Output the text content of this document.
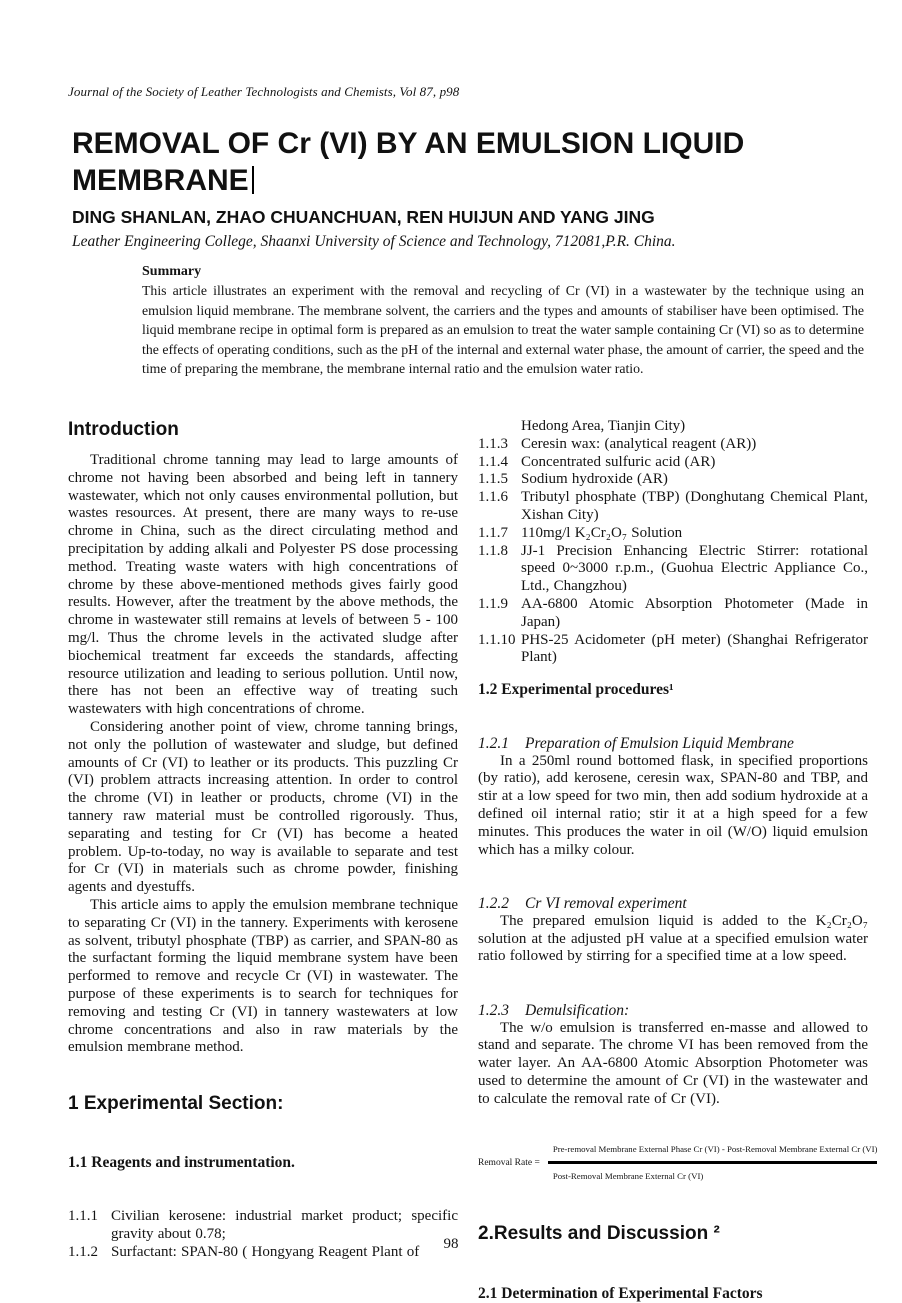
Journal of the Society of Leather Technologists and Chemists, Vol 87, p98
REMOVAL OF Cr (VI) BY AN EMULSION LIQUID MEMBRANE
DING SHANLAN, ZHAO CHUANCHUAN, REN HUIJUN AND YANG JING
Leather Engineering College, Shaanxi University of Science and Technology, 712081,P.R. China.
Summary
This article illustrates an experiment with the removal and recycling of Cr (VI) in a wastewater by the technique using an emulsion liquid membrane. The membrane solvent, the carriers and the types and amounts of stabiliser have been optimised. The liquid membrane recipe in optimal form is prepared as an emulsion to treat the water sample containing Cr (VI) so as to determine the effects of operating conditions, such as the pH of the internal and external water phase, the amount of carrier, the speed and the time of preparing the membrane, the membrane internal ratio and the emulsion water ratio.
Introduction

Traditional chrome tanning may lead to large amounts of chrome not having been absorbed and being left in tannery wastewater, which not only causes environmental pollution, but wastes resources. At present, there are many ways to re-use chrome in China, such as the direct circulating method and precipitation by adding alkali and Polyester PS dose processing method. Treating waste waters with high concentrations of chrome by these above-mentioned methods gives fairly good results. However, after the treatment by the above methods, the chrome in wastewater still remains at levels of between 5 - 100 mg/l. Thus the chrome levels in the activated sludge after biochemical treatment far exceeds the standards, affecting resource utilization and leading to serious pollution. Until now, there has not been an effective way of treating such wastewaters with high concentrations of chrome.

Considering another point of view, chrome tanning brings, not only the pollution of wastewater and sludge, but defined amounts of Cr (VI) to leather or its products. This puzzling Cr (VI) problem attracts increasing attention. In order to control the chrome (VI) in leather or products, chrome (VI) in the tannery raw material must be controlled rigorously. Thus, separating and testing for Cr (VI) has become a heated problem. Up-to-today, no way is available to separate and test for Cr (VI) in materials such as chrome powder, finishing agents and dyestuffs.

This article aims to apply the emulsion membrane technique to separating Cr (VI) in the tannery. Experiments with kerosene as solvent, tributyl phosphate (TBP) as carrier, and SPAN-80 as the surfactant forming the liquid membrane system have been performed to remove and recycle Cr (VI) in wastewater. The purpose of these experiments is to search for techniques for removing and testing Cr (VI) in tannery wastewaters at low chrome concentrations and also in raw materials by the emulsion membrane method.

1 Experimental Section:
1.1 Reagents and instrumentation.
1.1.1 Civilian kerosene: industrial market product; specific gravity about 0.78;
1.1.2 Surfactant: SPAN-80 ( Hongyang Reagent Plant of
Hedong Area, Tianjin City)
1.1.3 Ceresin wax: (analytical reagent (AR))
1.1.4 Concentrated sulfuric acid (AR)
1.1.5 Sodium hydroxide (AR)
1.1.6 Tributyl phosphate (TBP) (Donghutang Chemical Plant, Xishan City)
1.1.7 110mg/l K₂Cr₂O₇ Solution
1.1.8 JJ-1 Precision Enhancing Electric Stirrer: rotational speed 0~3000 r.p.m., (Guohua Electric Appliance Co., Ltd., Changzhou)
1.1.9 AA-6800 Atomic Absorption Photometer (Made in Japan)
1.1.10 PHS-25 Acidometer (pH meter) (Shanghai Refrigerator Plant)
1.2 Experimental procedures¹
1.2.1 Preparation of Emulsion Liquid Membrane

In a 250ml round bottomed flask, in specified proportions (by ratio), add kerosene, ceresin wax, SPAN-80 and TBP, and stir at a low speed for two min, then add sodium hydroxide at a defined oil internal ratio; stir it at a high speed for a few minutes. This produces the water in oil (W/O) liquid emulsion which has a milky colour.

1.2.2 Cr VI removal experiment

The prepared emulsion liquid is added to the K₂Cr₂O₇ solution at the adjusted pH value at a specified emulsion water ratio followed by stirring for a specified time at a low speed.

1.2.3 Demulsification:

The w/o emulsion is transferred en-masse and allowed to stand and separate. The chrome VI has been removed from the water layer. An AA-6800 Atomic Absorption Photometer was used to determine the amount of Cr (VI) in the wastewater and to calculate the removal rate of Cr (VI).

Removal Rate =
Pre-removal Membrane External Phase Cr (VI) - Post-Removal Membrane External Cr (VI)
Post-Removal Membrane External Cr (VI)
2.Results and Discussion ²
2.1 Determination of Experimental Factors
98
